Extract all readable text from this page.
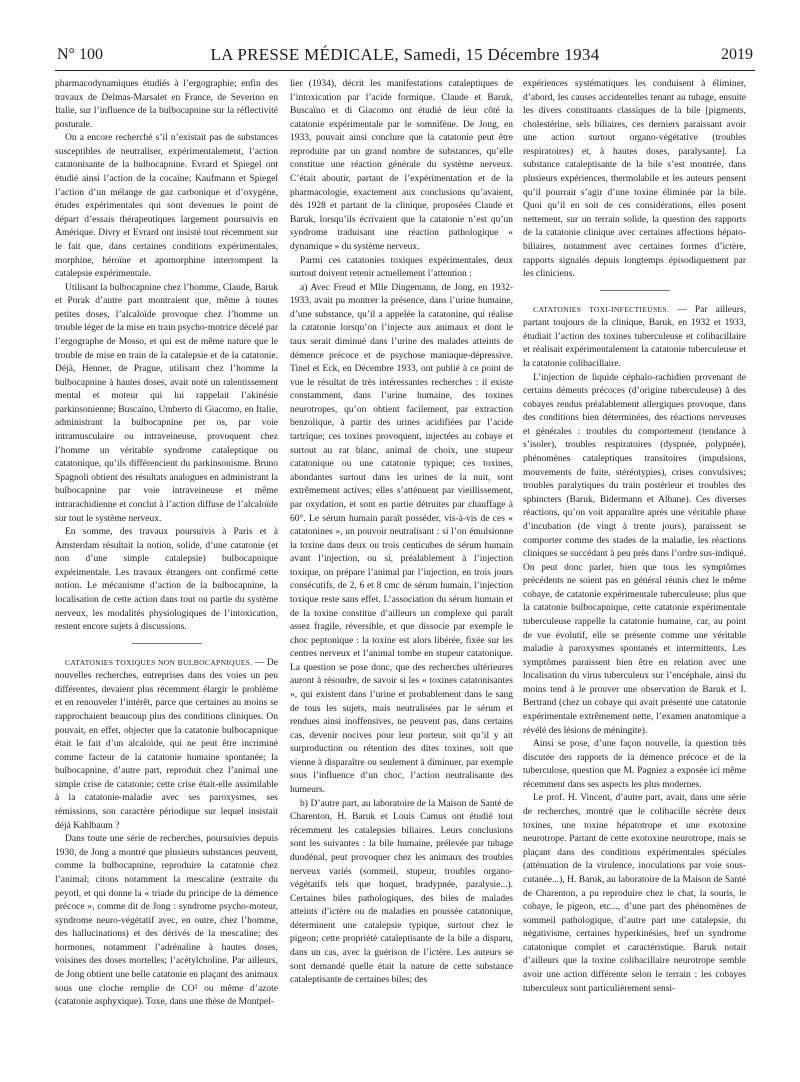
N° 100	LA PRESSE MÉDICALE, Samedi, 15 Décembre 1934	2019

pharmacodynamiques étudiés à l’ergographie; enfin des travaux de Delmas-Marsalet en France, de Severino en Italie, sur l’influence de la bulbocapnine sur la réflectivité posturale.

On a encore recherché s’il n’existait pas de substances susceptibles de neutraliser, expérimentalement, l’action catatonisante de la bulbocapnine. Evrard et Spiegel ont étudié ainsi l’action de la cocaïne; Kaufmann et Spiegel l’action d’un mélange de gaz carbonique et d’oxygène, études expérimentales qui sont devenues le point de départ d’essais thérapeutiques largement poursuivis en Amérique. Divry et Evrard ont insisté tout récemment sur le fait que, dans certaines conditions expérimentales, morphine, héroïne et apomorphine interrompent la catalepsie expérimentale.

Utilisant la bulbocapnine chez l’homme, Claude, Baruk et Porak d’autre part montraient que, même à toutes petites doses, l’alcaloïde provoque chez l’homme un trouble léger de la mise en train psycho-motrice décelé par l’ergographe de Mosso, et qui est de même nature que le trouble de mise en train de la catalepsie et de la catatonie. Déjà, Henner, de Prague, utilisant chez l’homme la bulbocapnine à hautes doses, avait noté un ralentissement mental et moteur qui lui rappelait l’akinésie parkinsonienne; Buscaïno, Umberto di Giacomo, en Italie, administrant la bulbocapnine per os, par voie intramusculaire ou intraveineuse, provoquent chez l’homme un véritable syndrome cataleptique ou catatonique, qu’ils différencient du parkinsonisme. Bruno Spagnoli obtient des résultats analogues en administrant la bulbocapnine par voie intraveineuse et même intrarachidienne et conclut à l’action diffuse de l’alcaloïde sur tout le système nerveux.

En somme, des travaux poursuivis à Paris et à Amsterdam résultait la notion, solide, d’une catatonie (et non d’une simple catalepsie) bulbocapnique expérimentale. Les travaux étrangers ont confirmé cette notion. Le mécanisme d’action de la bulbocapnine, la localisation de cette action dans tout ou partie du système nerveux, les modalités physiologiques de l’intoxication, restent encore sujets à discussions.

CATATONIES TOXIQUES NON BULBOCAPNIQUES. — De nouvelles recherches, entreprises dans des voies un peu différentes, devaient plus récemment élargir le problème et en renouveler l’intérêt, parce que certaines au moins se rapprochaient beaucoup plus des conditions cliniques. On pouvait, en effet, objecter que la catatonie bulbocapnique était le fait d’un alcaloïde, qui ne peut être incriminé comme facteur de la catatonie humaine spontanée; la bulbocapnine, d’autre part, reproduit chez l’animal une simple crise de catatonie; cette crise était-elle assimilable à la catatonie-maladie avec ses paroxysmes, ses rémissions, son caractère périodique sur lequel insistait déjà Kahlbaum ?

Dans toute une série de recherches, poursuivies depuis 1930, de Jong a montré que plusieurs substances peuvent, comme la bulbocapnine, reproduire la catatonie chez l’animal; citons notamment la mescaline (extraite du peyotl, et qui donne la « triade du principe de la démence précoce », comme dit de Jong : syndrome psycho-moteur, syndrome neuro-végétatif avec, en outre, chez l’homme, des hallucinations) et des dérivés de la mescaline; des hormones, notamment l’adrénaline à hautes doses, voisines des doses mortelles; l’acétylcholine. Par ailleurs, de Jong obtient une belle catatonie en plaçant des animaux sous une cloche remplie de CO² ou même d’azote (catatonie asphyxique). Toxe, dans une thèse de Montpel-

lier (1934), décrit les manifestations cataleptiques de l’intoxication par l’acide formique. Claude et Baruk, Buscaïno et di Giacomo ont étudié de leur côté la catatonie expérimentale par le somnifène. De Jong, en 1933, pouvait ainsi conclure que la catatonie peut être reproduite par un grand nombre de substances, qu’elle constitue une réaction générale du système nerveux. C’était aboutir, partant de l’expérimentation et de la pharmacologie, exactement aux conclusions qu’avaient, dès 1928 et partant de la clinique, proposées Claude et Baruk, lorsqu’ils écrivaient que la catatonie n’est qu’un syndrome traduisant une réaction pathologique « dynamique » du système nerveux.

Parmi ces catatonies toxiques expérimentales, deux surtout doivent retenir actuellement l’attention :

a) Avec Freud et Mlle Dingemann, de Jong, en 1932-1933, avait pu montrer la présence, dans l’urine humaine, d’une substance, qu’il a appelée la catatonine, qui réalise la catatonie lorsqu’on l’injecte aux animaux et dont le taux serait diminué dans l’urine des malades atteints de démence précoce et de psychose maniaque-dépressive. Tinel et Eck, en Décembre 1933, ont publié à ce point de vue le résultat de très intéressantes recherches : il existe constamment, dans l’urine humaine, des toxines neurotropes, qu’on obtient facilement, par extraction benzolique, à partir des urines acidifiées par l’acide tartrique; ces toxines provoquent, injectées au cobaye et surtout au rat blanc, animal de choix, une stupeur catatonique ou une catatonie typique; ces toxines, abondantes surtout dans les urines de la nuit, sont extrêmement actives; elles s’atténuent par vieillissement, par oxydation, et sont en partie détruites par chauffage à 60°. Le sérum humain paraît posséder, vis-à-vis de ces « catatonines », un pouvoir neutralisant : si l’on émulsionne la toxine dans deux ou trois centicubes de sérum humain avant l’injection, ou si, préalablement à l’injection toxique, on prépare l’animal par l’injection, en trois jours consécutifs, de 2, 6 et 8 cmc de sérum humain, l’injection toxique reste sans effet. L’association du sérum humain et de la toxine constitue d’ailleurs un complexe qui paraît assez fragile, réversible, et que dissocie par exemple le choc peptonique : la toxine est alors libérée, fixée sur les centres nerveux et l’animal tombe en stupeur catatonique. La question se pose donc, que des recherches ultérieures auront à résoudre, de savoir si les « toxines catatonisantes », qui existent dans l’urine et probablement dans le sang de tous les sujets, mais neutralisées par le sérum et rendues ainsi inoffensives, ne peuvent pas, dans certains cas, devenir nocives pour leur porteur, soit qu’il y ait surproduction ou rétention des dites toxines, soit que vienne à disparaître ou seulement à diminuer, par exemple sous l’influence d’un choc, l’action neutralisante des humeurs.

b) D’autre part, au laboratoire de la Maison de Santé de Charenton, H. Baruk et Louis Camus ont étudié tout récemment les catalepsies biliaires. Leurs conclusions sont les suivantes : la bile humaine, prélevée par tubage duodénal, peut provoquer chez les animaux des troubles nerveux variés (sommeil, stupeur, troubles organo-végétatifs tels que hoquet, bradypnée, paralysie...). Certaines biles pathologiques, des biles de malades atteints d’ictère ou de maladies en poussée catatonique, déterminent une catalepsie typique, surtout chez le pigeon; cette propriété cataleptisante de la bile a disparu, dans un cas, avec la guérison de l’ictère. Les auteurs se sont demandé quelle était la nature de cette substance cataleptisante de certaines biles; des

expériences systématiques les conduisent à éliminer, d’abord, les causes accidentelles tenant au tubage, ensuite les divers constituants classiques de la bile [pigments, cholestérine, sels biliaires, ces derniers paraissant avoir une action surtout organo-végétative (troubles respiratoires) et, à hautes doses, paralysante]. La substance cataleptisante de la bile s’est montrée, dans plusieurs expériences, thermolabile et les auteurs pensent qu’il pourrait s’agir d’une toxine éliminée par la bile. Quoi qu’il en soit de ces considérations, elles posent nettement, sur un terrain solide, la question des rapports de la catatonie clinique avec certaines affections hépato-biliaires, notamment avec certaines formes d’ictère, rapports signalés depuis longtemps épisodiquement par les cliniciens.

CATATONIES TOXI-INFECTIEUSES. — Par ailleurs, partant toujours de la clinique, Baruk, en 1932 et 1933, étudiait l’action des toxines tuberculeuse et colibacillaire et réalisait expérimentalement la catatonie tuberculeuse et la catatonie colibacillaire.

L’injection de liquide céphalo-rachidien provenant de certains déments précoces (d’origine tuberculeuse) à des cobayes rendus préalablement allergiques provoque, dans des conditions bien déterminées, des réactions nerveuses et générales : troubles du comportement (tendance à s’isoler), troubles respiratoires (dyspnée, polypnée), phénomènes cataleptiques transitoires (impulsions, mouvements de fuite, stéréotypies), crises convulsives; troubles paralytiques du train postérieur et troubles des sphincters (Baruk, Bidermann et Albane). Ces diverses réactions, qu’on voit apparaître après une véritable phase d’incubation (de vingt à trente jours), paraissent se comporter comme des stades de la maladie, les réactions cliniques se succédant à peu près dans l’ordre sus-indiqué. On peut donc parler, bien que tous les symptômes précédents ne soient pas en général réunis chez le même cobaye, de catatonie expérimentale tuberculeuse; plus que la catatonie bulbocapnique, cette catatonie expérimentale tuberculeuse rappelle la catatonie humaine, car, au point de vue évolutif, elle se présente comme une véritable maladie à paroxysmes spontanés et intermittents. Les symptômes paraissent bien être en relation avec une localisation du virus tuberculeux sur l’encéphale, ainsi du moins tend à le prouver une observation de Baruk et I. Bertrand (chez un cobaye qui avait présenté une catatonie expérimentale extrêmement nette, l’examen anatomique a révélé des lésions de méningite).

Ainsi se pose, d’une façon nouvelle, la question très discutée des rapports de la démence précoce et de la tuberculose, question que M. Pagniez a exposée ici même récemment dans ses aspects les plus modernes.

Le prof. H. Vincent, d’autre part, avait, dans une série de recherches, montré que le colibacille sécrète deux toxines, une toxine hépatotrope et une exotoxine neurotrope. Partant de cette exotoxine neurotrope, mais se plaçant dans des conditions expérimentales spéciales (atténuation de la virulence, inoculations par voie sous-cutanée...), H. Baruk, au laboratoire de la Maison de Santé de Charenton, a pu reproduire chez le chat, la souris, le cobaye, le pigeon, etc..., d’une part des phénomènes de sommeil pathologique, d’autre part une catalepsie, du négativisme, certaines hyperkinésies, bref un syndrome catatonique complet et caractéristique. Baruk notait d’ailleurs que la toxine colibacillaire neurotrope semble avoir une action différente selon le terrain : les cobayes tuberculeux sont particulièrement sensi-
